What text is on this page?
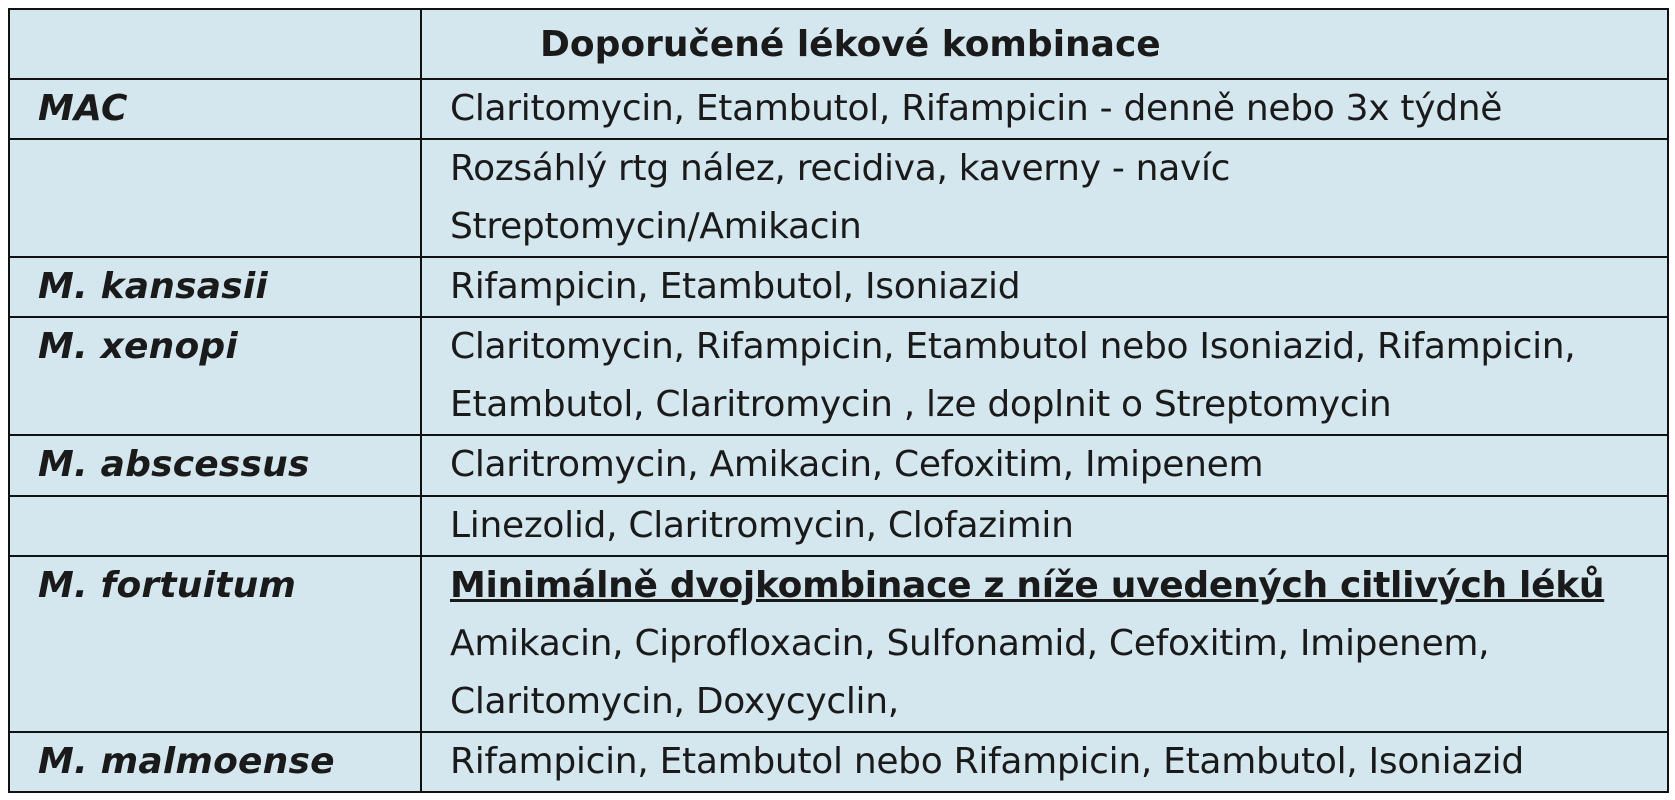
	Doporučené lékové kombinace

MAC	Claritomycin, Etambutol, Rifampicin - denně nebo 3x týdně

	Rozsáhlý rtg nález, recidiva, kaverny - navíc
Streptomycin/Amikacin

M. kansasii	Rifampicin, Etambutol, Isoniazid

M. xenopi	Claritomycin, Rifampicin, Etambutol nebo Isoniazid, Rifampicin,
Etambutol, Claritromycin , lze doplnit o Streptomycin

M. abscessus	Claritromycin, Amikacin, Cefoxitim, Imipenem

	Linezolid, Claritromycin, Clofazimin

M. fortuitum	Minimálně dvojkombinace z níže uvedených citlivých léků
Amikacin, Ciprofloxacin, Sulfonamid, Cefoxitim, Imipenem,
Claritomycin, Doxycyclin,

M. malmoense	Rifampicin, Etambutol nebo Rifampicin, Etambutol, Isoniazid
